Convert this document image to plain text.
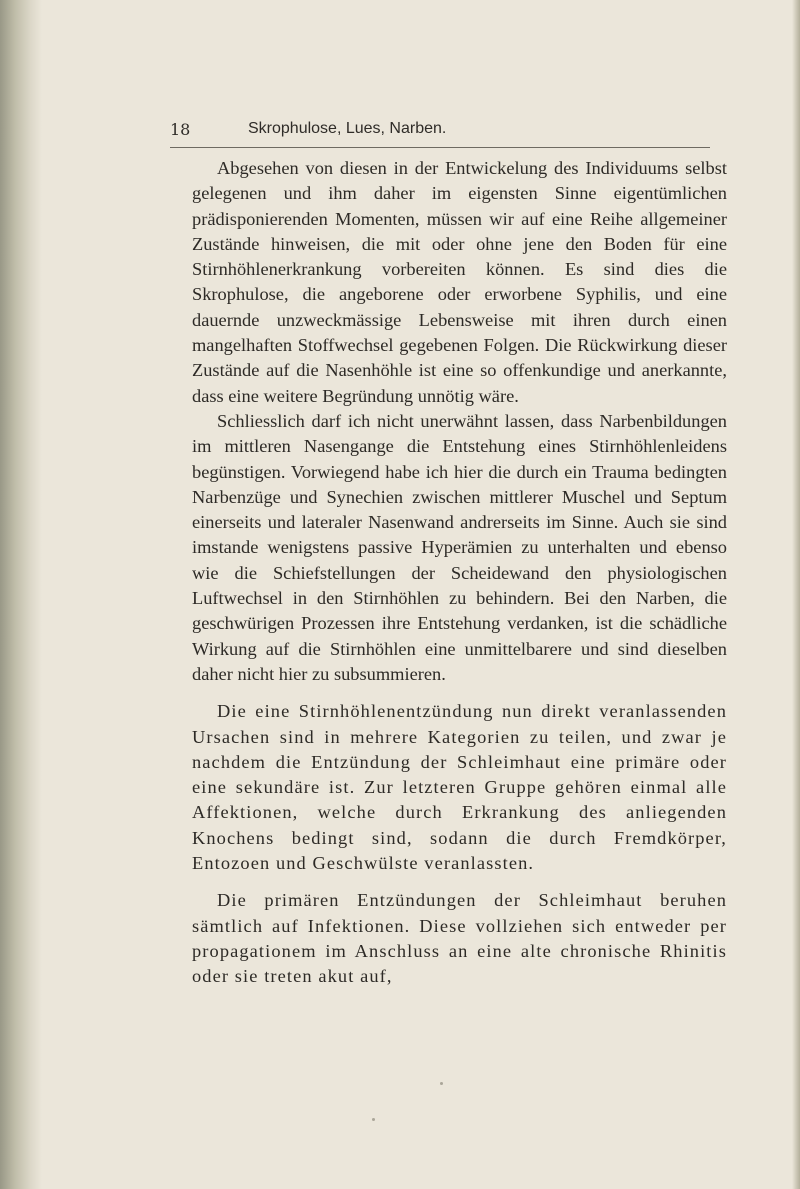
18	Skrophulose, Lues, Narben.

Abgesehen von diesen in der Entwickelung des Individuums selbst gelegenen und ihm daher im eigensten Sinne eigentümlichen prädisponierenden Momenten, müssen wir auf eine Reihe allgemeiner Zustände hinweisen, die mit oder ohne jene den Boden für eine Stirnhöhlenerkrankung vorbereiten können. Es sind dies die Skrophulose, die angeborene oder erworbene Syphilis, und eine dauernde unzweckmässige Lebensweise mit ihren durch einen mangelhaften Stoffwechsel gegebenen Folgen. Die Rückwirkung dieser Zustände auf die Nasenhöhle ist eine so offenkundige und anerkannte, dass eine weitere Begründung unnötig wäre.

Schliesslich darf ich nicht unerwähnt lassen, dass Narbenbildungen im mittleren Nasengange die Entstehung eines Stirnhöhlenleidens begünstigen. Vorwiegend habe ich hier die durch ein Trauma bedingten Narbenzüge und Synechien zwischen mittlerer Muschel und Septum einerseits und lateraler Nasenwand andrerseits im Sinne. Auch sie sind imstande wenigstens passive Hyperämien zu unterhalten und ebenso wie die Schiefstellungen der Scheidewand den physiologischen Luftwechsel in den Stirnhöhlen zu behindern. Bei den Narben, die geschwürigen Prozessen ihre Entstehung verdanken, ist die schädliche Wirkung auf die Stirnhöhlen eine unmittelbarere und sind dieselben daher nicht hier zu subsummieren.

Die eine Stirnhöhlenentzündung nun direkt veranlassenden Ursachen sind in mehrere Kategorien zu teilen, und zwar je nachdem die Entzündung der Schleimhaut eine primäre oder eine sekundäre ist. Zur letzteren Gruppe gehören einmal alle Affektionen, welche durch Erkrankung des anliegenden Knochens bedingt sind, sodann die durch Fremdkörper, Entozoen und Geschwülste veranlassten.

Die primären Entzündungen der Schleimhaut beruhen sämtlich auf Infektionen. Diese vollziehen sich entweder per propagationem im Anschluss an eine alte chronische Rhinitis oder sie treten akut auf,
